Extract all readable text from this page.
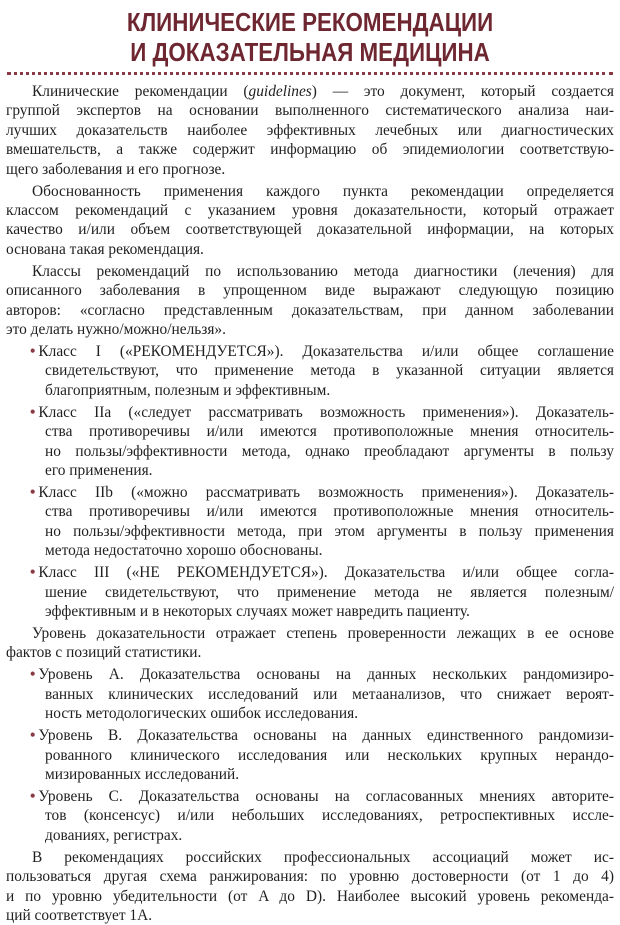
КЛИНИЧЕСКИЕ РЕКОМЕНДАЦИИ
И ДОКАЗАТЕЛЬНАЯ МЕДИЦИНА
Клинические рекомендации (guidelines) — это документ, который создается
группой экспертов на основании выполненного систематического анализа наи-
лучших доказательств наиболее эффективных лечебных или диагностических
вмешательств, а также содержит информацию об эпидемиологии соответствую-
щего заболевания и его прогнозе.
Обоснованность применения каждого пункта рекомендации определяется
классом рекомендаций с указанием уровня доказательности, который отражает
качество и/или объем соответствующей доказательной информации, на которых
основана такая рекомендация.
Классы рекомендаций по использованию метода диагностики (лечения) для
описанного заболевания в упрощенном виде выражают следующую позицию
авторов: «согласно представленным доказательствам, при данном заболевании
это делать нужно/можно/нельзя».
• Класс I («РЕКОМЕНДУЕТСЯ»). Доказательства и/или общее соглашение
свидетельствуют, что применение метода в указанной ситуации является
благоприятным, полезным и эффективным.
• Класс IIa («следует рассматривать возможность применения»). Доказатель-
ства противоречивы и/или имеются противоположные мнения относитель-
но пользы/эффективности метода, однако преобладают аргументы в пользу
его применения.
• Класс IIb («можно рассматривать возможность применения»). Доказатель-
ства противоречивы и/или имеются противоположные мнения относитель-
но пользы/эффективности метода, при этом аргументы в пользу применения
метода недостаточно хорошо обоснованы.
• Класс III («НЕ РЕКОМЕНДУЕТСЯ»). Доказательства и/или общее согла-
шение свидетельствуют, что применение метода не является полезным/
эффективным и в некоторых случаях может навредить пациенту.
Уровень доказательности отражает степень проверенности лежащих в ее основе
фактов с позиций статистики.
• Уровень А. Доказательства основаны на данных нескольких рандомизиро-
ванных клинических исследований или метаанализов, что снижает вероят-
ность методологических ошибок исследования.
• Уровень В. Доказательства основаны на данных единственного рандомизи-
рованного клинического исследования или нескольких крупных нерандо-
мизированных исследований.
• Уровень С. Доказательства основаны на согласованных мнениях авторите-
тов (консенсус) и/или небольших исследованиях, ретроспективных иссле-
дованиях, регистрах.
В рекомендациях российских профессиональных ассоциаций может ис-
пользоваться другая схема ранжирования: по уровню достоверности (от 1 до 4)
и по уровню убедительности (от A до D). Наиболее высокий уровень рекоменда-
ций соответствует 1А.
